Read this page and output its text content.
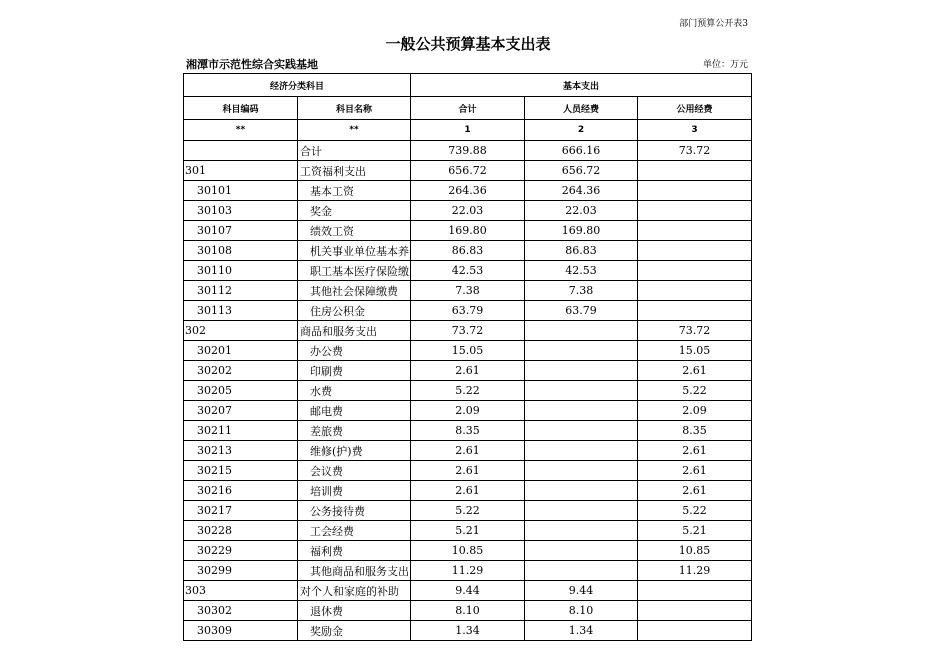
部门预算公开表3
一般公共预算基本支出表
湘潭市示范性综合实践基地	单位：万元
经济分类科目		基本支出		
科目编码	科目名称	合计	人员经费	公用经费
**	**	1	2	3
	合计	739.88	666.16	73.72
301	工资福利支出	656.72	656.72	
30101	基本工资	264.36	264.36	
30103	奖金	22.03	22.03	
30107	绩效工资	169.80	169.80	
30108	机关事业单位基本养	86.83	86.83	
30110	职工基本医疗保险缴	42.53	42.53	
30112	其他社会保障缴费	7.38	7.38	
30113	住房公积金	63.79	63.79	
302	商品和服务支出	73.72		73.72
30201	办公费	15.05		15.05
30202	印刷费	2.61		2.61
30205	水费	5.22		5.22
30207	邮电费	2.09		2.09
30211	差旅费	8.35		8.35
30213	维修(护)费	2.61		2.61
30215	会议费	2.61		2.61
30216	培训费	2.61		2.61
30217	公务接待费	5.22		5.22
30228	工会经费	5.21		5.21
30229	福利费	10.85		10.85
30299	其他商品和服务支出	11.29		11.29
303	对个人和家庭的补助	9.44	9.44	
30302	退休费	8.10	8.10	
30309	奖励金	1.34	1.34	
